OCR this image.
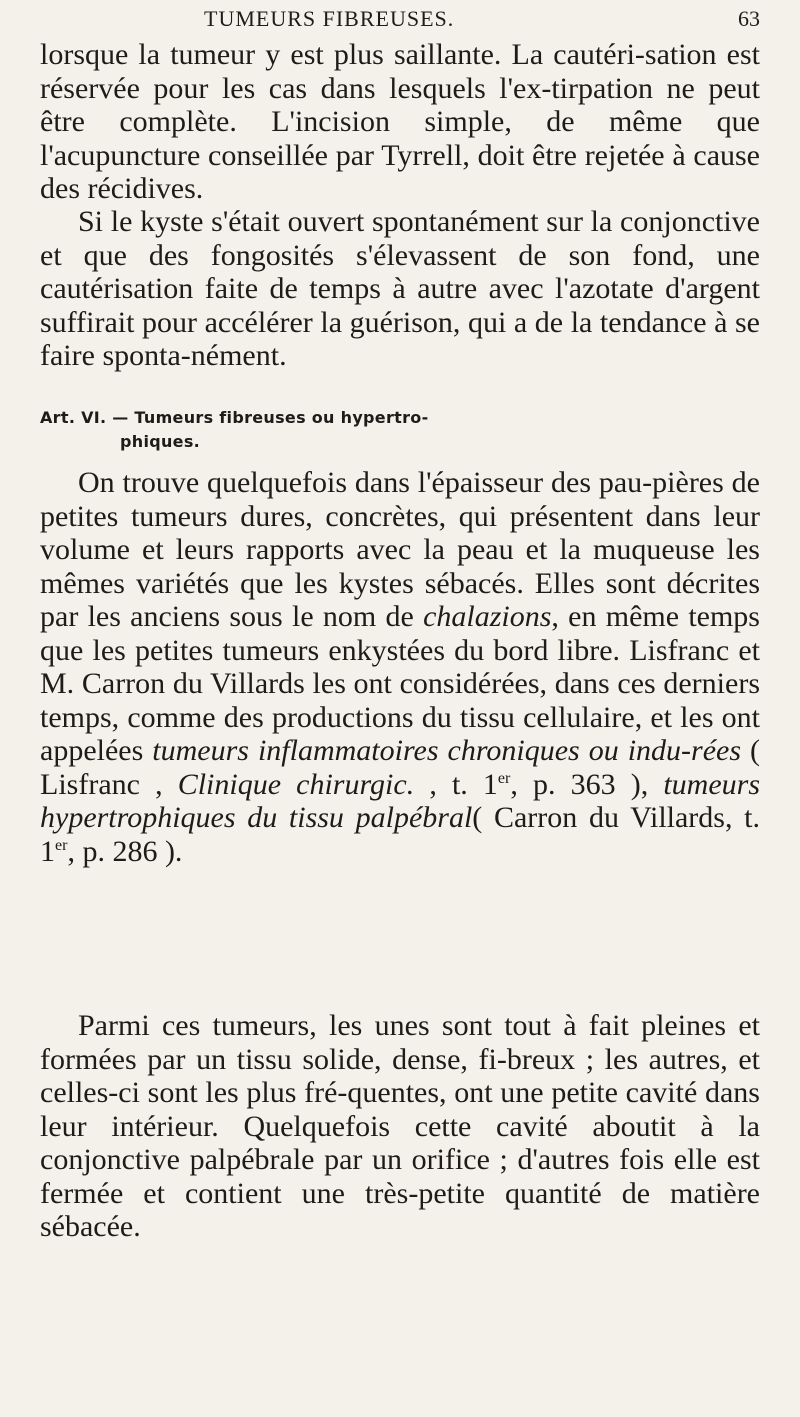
TUMEURS FIBREUSES.	63

lorsque la tumeur y est plus saillante. La cautéri-sation est réservée pour les cas dans lesquels l'ex-tirpation ne peut être complète. L'incision simple, de même que l'acupuncture conseillée par Tyrrell, doit être rejetée à cause des récidives.

Si le kyste s'était ouvert spontanément sur la conjonctive et que des fongosités s'élevassent de son fond, une cautérisation faite de temps à autre avec l'azotate d'argent suffirait pour accélérer la guérison, qui a de la tendance à se faire sponta-nément.

Art. VI. — Tumeurs fibreuses ou hypertro-
phiques.

On trouve quelquefois dans l'épaisseur des pau-pières de petites tumeurs dures, concrètes, qui présentent dans leur volume et leurs rapports avec la peau et la muqueuse les mêmes variétés que les kystes sébacés. Elles sont décrites par les anciens sous le nom de chalazions, en même temps que les petites tumeurs enkystées du bord libre. Lisfranc et M. Carron du Villards les ont considérées, dans ces derniers temps, comme des productions du tissu cellulaire, et les ont appelées tumeurs inflammatoires chroniques ou indu-rées ( Lisfranc , Clinique chirurgic. , t. 1er, p. 363 ), tumeurs hypertrophiques du tissu palpébral( Carron du Villards, t. 1er, p. 286 ).

Parmi ces tumeurs, les unes sont tout à fait pleines et formées par un tissu solide, dense, fi-breux ; les autres, et celles-ci sont les plus fré-quentes, ont une petite cavité dans leur intérieur. Quelquefois cette cavité aboutit à la conjonctive palpébrale par un orifice ; d'autres fois elle est fermée et contient une très-petite quantité de matière sébacée.
